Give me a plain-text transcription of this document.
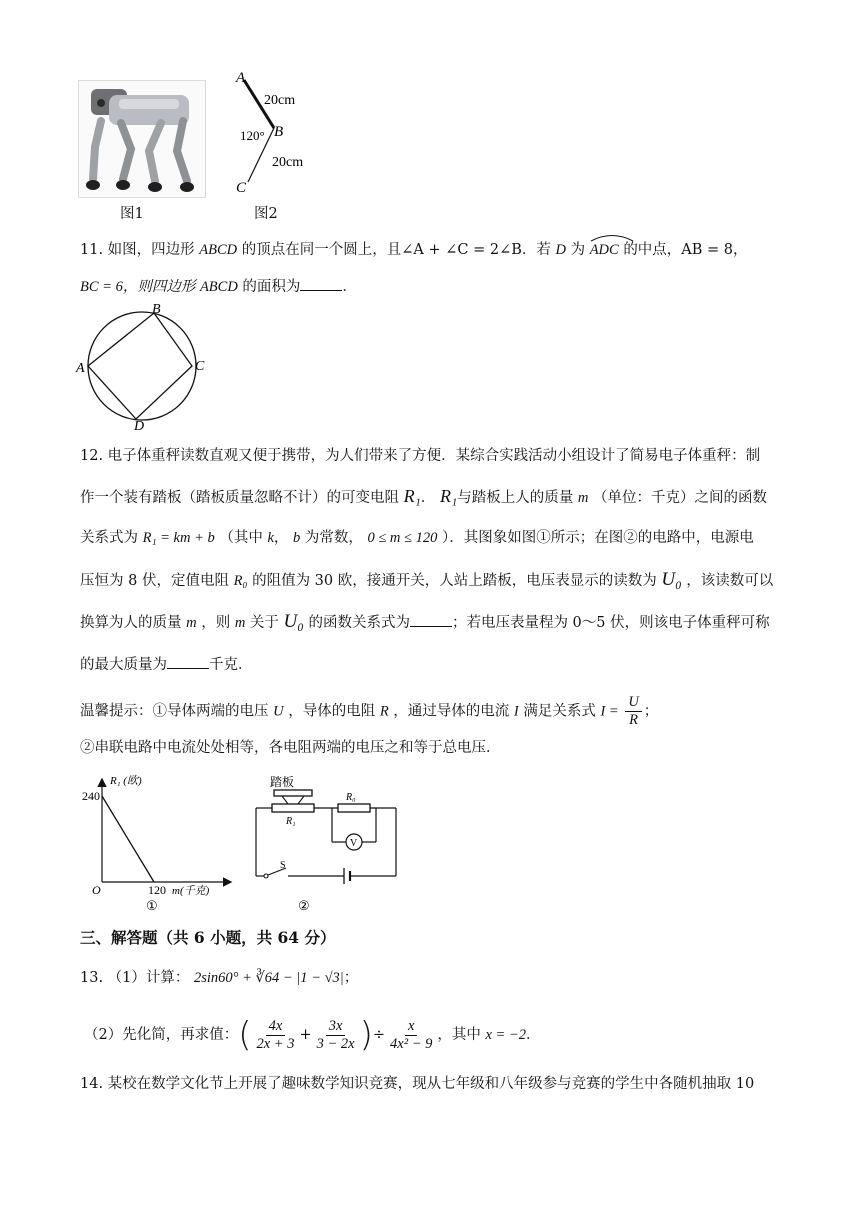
图1
A
20cm
120° B
20cm
C
图2
11. 如图，四边形 ABCD 的顶点在同一个圆上，且∠A + ∠C = 2∠B．若 D 为 ADC 的中点，AB = 8，
BC = 6，则四边形 ABCD 的面积为	．
A
B
C
D
12. 电子体重秤读数直观又便于携带，为人们带来了方便．某综合实践活动小组设计了简易电子体重秤：制
作一个装有踏板（踏板质量忽略不计）的可变电阻 R₁． R₁与踏板上人的质量 m （单位：千克）之间的函数
关系式为 R₁ = km + b （其中 k， b 为常数， 0 ≤ m ≤ 120 ）．其图象如图①所示；在图②的电路中，电源电
压恒为 8 伏，定值电阻 R₀ 的阻值为 30 欧，接通开关，人站上踏板，电压表显示的读数为 U₀ ，该读数可以
换算为人的质量 m ，则 m 关于 U₀ 的函数关系式为	；若电压表量程为 0～5 伏，则该电子体重秤可称
的最大质量为	千克．
温馨提示：①导体两端的电压 U ，导体的电阻 R ，通过导体的电流 I 满足关系式 $I = \frac{U}{R}$ ；
②串联电路中电流处处相等，各电阻两端的电压之和等于总电压．
R₁ (欧)
240
O	120 m(千克)
①
踏板
R₁
R₀
V
S
②
三、解答题（共 6 小题，共 64 分）
13. （1）计算： 2sin60° + ∛64 − |1 − √3|；
（2）先化简，再求值： ( $\frac{4x}{2x + 3} + \frac{3x}{3 - 2x}$ ) ÷ $\frac{x}{\text{4x² − 9}}$ ，其中
x = −2 ．
14. 某校在数学文化节上开展了趣味数学知识竞赛，现从七年级和八年级参与竞赛的学生中各随机抽取 10
